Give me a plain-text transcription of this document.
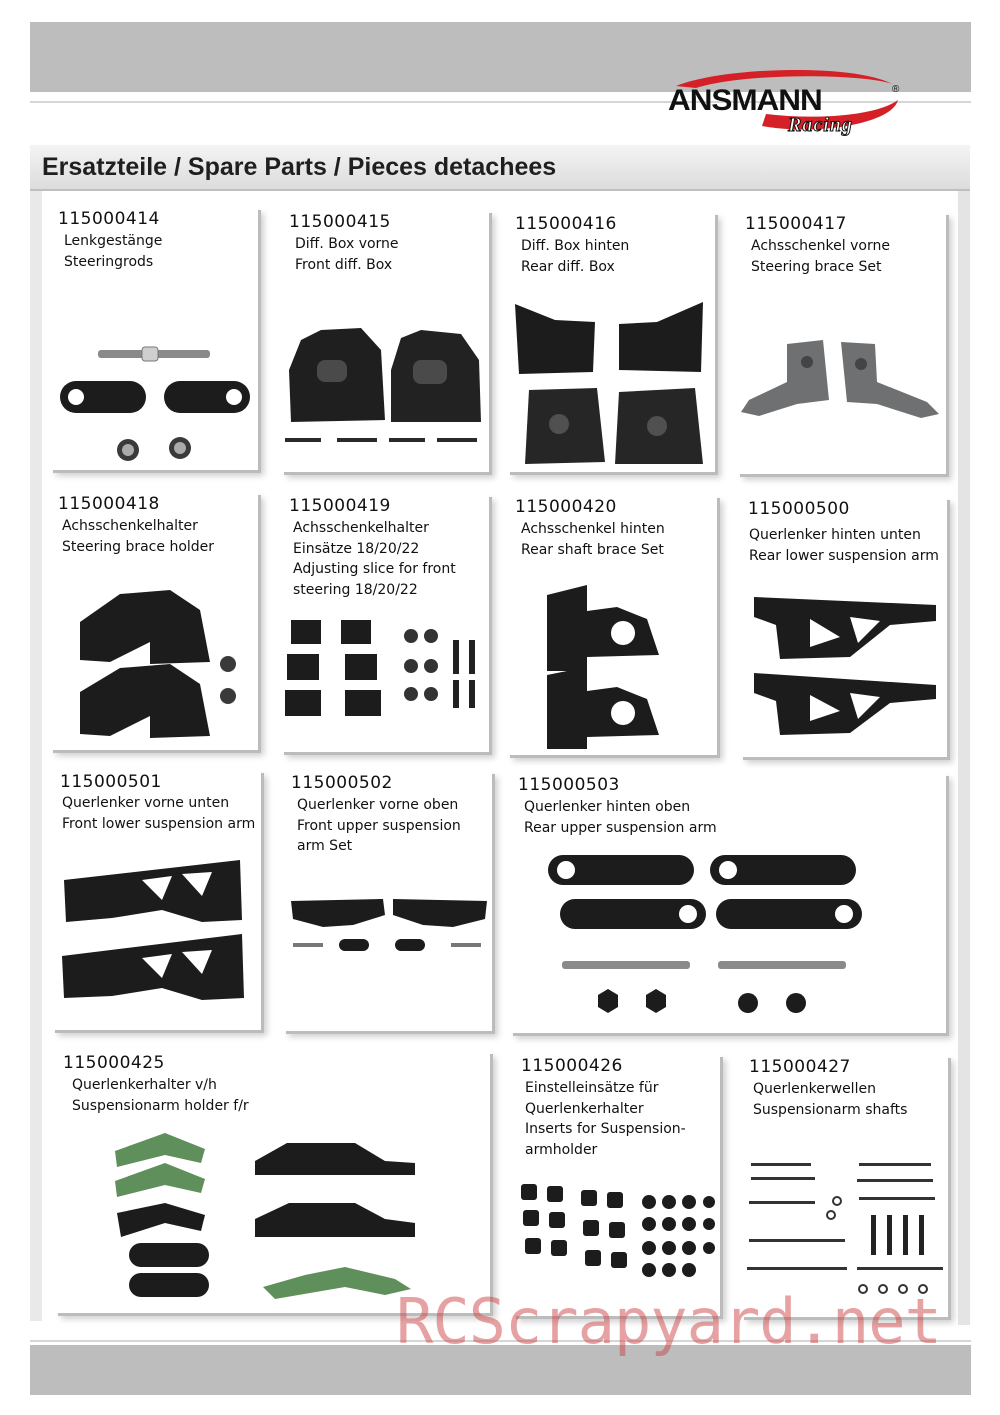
ANSMANN	®
Racing
Ersatzteile / Spare Parts / Pieces detachees
115000414
Lenkgestänge
Steeringrods
115000415
Diff. Box vorne
Front diff. Box
115000416
Diff. Box hinten
Rear diff. Box
115000417
Achsschenkel vorne
Steering brace Set
115000418
Achsschenkelhalter
Steering brace holder
115000419
Achsschenkelhalter
Einsätze 18/20/22
Adjusting slice for front
steering 18/20/22
115000420
Achsschenkel hinten
Rear shaft brace Set
115000500
Querlenker hinten unten
Rear lower suspension arm
115000501
Querlenker vorne unten
Front lower suspension arm
115000502
Querlenker vorne oben
Front upper suspension
arm Set
115000503
Querlenker hinten oben
Rear upper suspension arm
115000425
Querlenkerhalter v/h
Suspensionarm holder f/r
115000426
Einstelleinsätze für
Querlenkerhalter
Inserts for Suspension-
armholder
115000427
Querlenkerwellen
Suspensionarm shafts
RCScrapyard.net
